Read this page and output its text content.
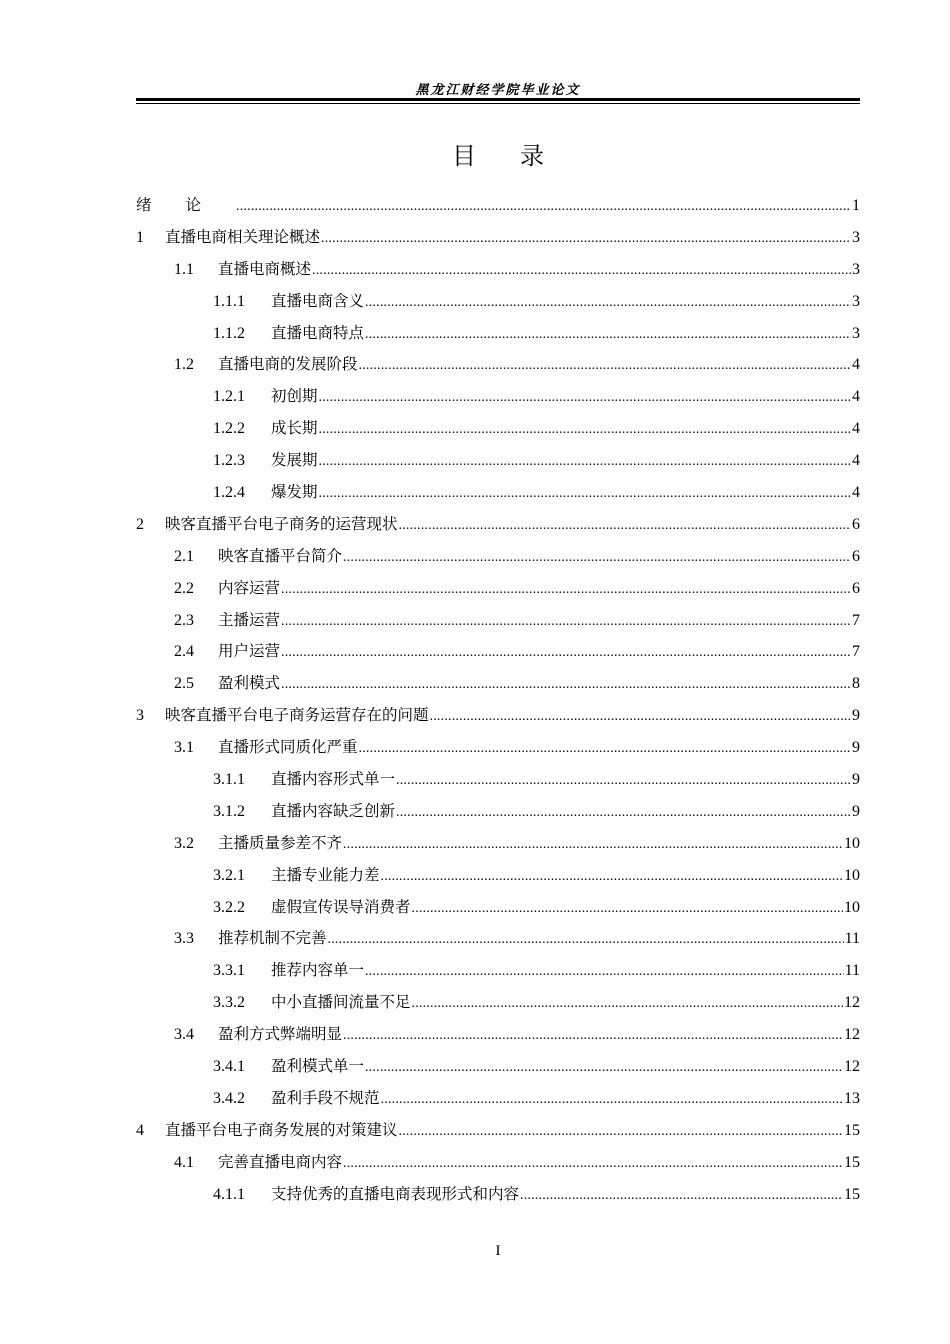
黑龙江财经学院毕业论文
目录
绪论 .....	1
1	直播电商相关理论概述 .....	3
1.1	直播电商概述 .....	3
1.1.1	直播电商含义 .....	3
1.1.2	直播电商特点 .....	3
1.2	直播电商的发展阶段 .....	4
1.2.1	初创期 .....	4
1.2.2	成长期 .....	4
1.2.3	发展期 .....	4
1.2.4	爆发期 .....	4
2	映客直播平台电子商务的运营现状 .....	6
2.1	映客直播平台简介 .....	6
2.2	内容运营 .....	6
2.3	主播运营 .....	7
2.4	用户运营 .....	7
2.5	盈利模式 .....	8
3	映客直播平台电子商务运营存在的问题 .....	9
3.1	直播形式同质化严重 .....	9
3.1.1	直播内容形式单一 .....	9
3.1.2	直播内容缺乏创新 .....	9
3.2	主播质量参差不齐 .....	10
3.2.1	主播专业能力差 .....	10
3.2.2	虚假宣传误导消费者 .....	10
3.3	推荐机制不完善 .....	11
3.3.1	推荐内容单一 .....	11
3.3.2	中小直播间流量不足 .....	12
3.4	盈利方式弊端明显 .....	12
3.4.1	盈利模式单一 .....	12
3.4.2	盈利手段不规范 .....	13
4	直播平台电子商务发展的对策建议 .....	15
4.1	完善直播电商内容 .....	15
4.1.1	支持优秀的直播电商表现形式和内容 .....	15
I
